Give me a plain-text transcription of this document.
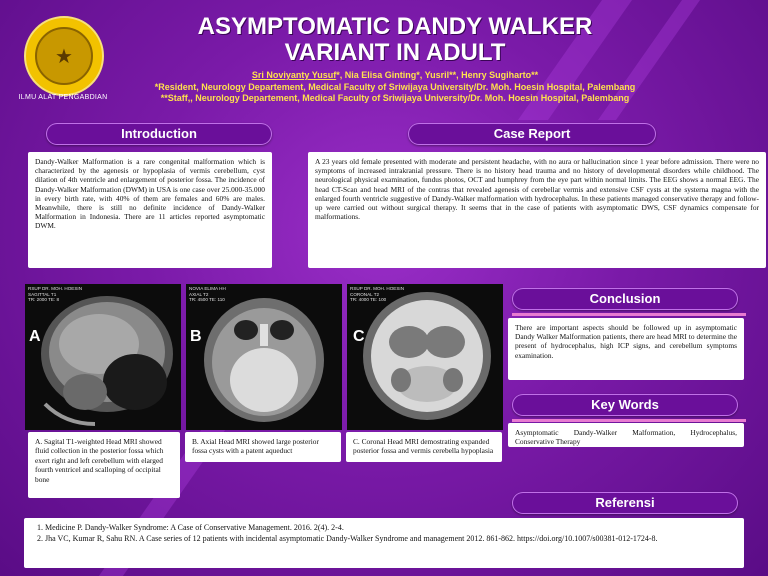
★
ILMU ALAT PENGABDIAN
ASYMPTOMATIC DANDY WALKER
VARIANT IN ADULT
Sri Noviyanty Yusuf*, Nia Elisa Ginting*, Yusril**, Henry Sugiharto**
*Resident, Neurology Departement, Medical Faculty of Sriwijaya University/Dr. Moh. Hoesin Hospital, Palembang
**Staff,, Neurology Departement, Medical Faculty of Sriwijaya University/Dr. Moh. Hoesin Hospital, Palembang
Introduction
Dandy-Walker Malformation is a rare congenital malformation which is characterized by the agenesis or hypoplasia of vermis cerebellum, cyst dilation of 4th ventricle and enlargement of posterior fossa. The incidence of Dandy-Walker Malformation (DWM) in USA is one case over 25.000-35.000 in every birth rate, with 40% of them are females and 60% are males. Meanwhile, there is still no definite incidence of Dandy-Walker Malformation in Indonesia. There are 11 articles reported asymptomatic DWM.
Case Report
A 23 years old female presented with moderate and persistent headache, with no aura or hallucination since 1 year before admission. There were no symptoms of increased intrakranial pressure. There is no history head trauma and no history of developmental disorders while childhood. The neurological physical examination, fundus photos, OCT and humphrey from the eye part within normal limits. The EEG shows a normal EEG. The head CT-Scan and head MRI of the contras that revealed agenesis of cerebellar vermis and extensive CSF cysts at the systerna magna with the enlarged fourth ventricle suggestive of Dandy-Walker malformation with hydrocephalus. In these patients managed conservative therapy and follow-up were carried out without surgical therapy. It seems that in the case of patients with asymptomatic DWS, CSF dynamics compensate for malformations.
RSUP DR. MOH. HOESIN
SAGITTAL T1
TR: 2000 TE: 8
A
NOVIA ELIMA HH
AXIAL T2
TR: 4500 TE: 110
B
RSUP DR. MOH. HOESIN
CORONAL T2
TR: 4000 TE: 100
C
A. Sagital T1-weighted Head MRI showed fluid collection in the posterior fossa which exert right and left cerebellum with elarged fourth ventricel and scalloping of occipital bone
B. Axial Head MRI showed large posterior fossa cysts with a patent aqueduct
C. Coronal Head MRI demostrating expanded posterior fossa and vermis cerebella hypoplasia
Conclusion
There are important aspects should be followed up in asymptomatic Dandy Walker Malformation patients, there are head MRI to determine the present of hydrocephalus, high ICP signs, and cerebellum symptoms examination.
Key Words
Asymptomatic Dandy-Walker Malformation, Hydrocephalus, Conservative Therapy
Referensi
1. Medicine P. Dandy-Walker Syndrome: A Case of Conservative Management. 2016. 2(4). 2-4.
2. Jha VC, Kumar R, Sahu RN. A Case series of 12 patients with incidental asymptomatic Dandy-Walker Syndrome and management 2012. 861-862. https://doi.org/10.1007/s00381-012-1724-8.
